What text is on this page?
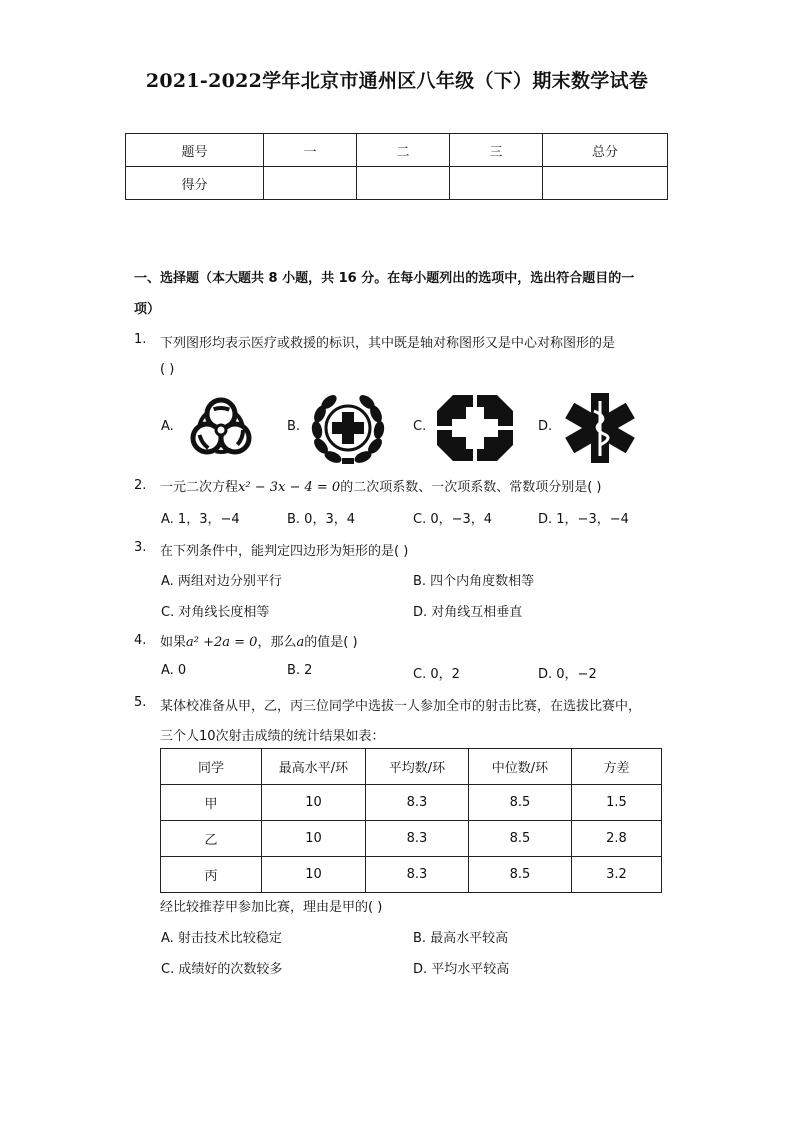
2021-2022学年北京市通州区八年级（下）期末数学试卷
题号	一	二	三	总分
得分				
一、选择题（本大题共 8 小题，共 16 分。在每小题列出的选项中，选出符合题目的一
项）
1. 下列图形均表示医疗或救援的标识，其中既是轴对称图形又是中心对称图形的是
( )
A.	B.	C.	D.
2. 一元二次方程x² − 3x − 4 = 0的二次项系数、一次项系数、常数项分别是( )
A. 1，3，−4	B. 0，3，4	C. 0，−3，4	D. 1，−3，−4
3. 在下列条件中，能判定四边形为矩形的是( )
A. 两组对边分别平行	B. 四个内角度数相等
C. 对角线长度相等	D. 对角线互相垂直
4. 如果a² +2a = 0，那么a的值是( )
A. 0	B. 2	C. 0，2	D. 0，−2
5. 某体校准备从甲，乙，丙三位同学中选拔一人参加全市的射击比赛，在选拔比赛中，
三个人10次射击成绩的统计结果如表：
同学	最高水平/环	平均数/环	中位数/环	方差
甲	10	8.3	8.5	1.5
乙	10	8.3	8.5	2.8
丙	10	8.3	8.5	3.2
经比较推荐甲参加比赛，理由是甲的( )
A. 射击技术比较稳定	B. 最高水平较高
C. 成绩好的次数较多	D. 平均水平较高
